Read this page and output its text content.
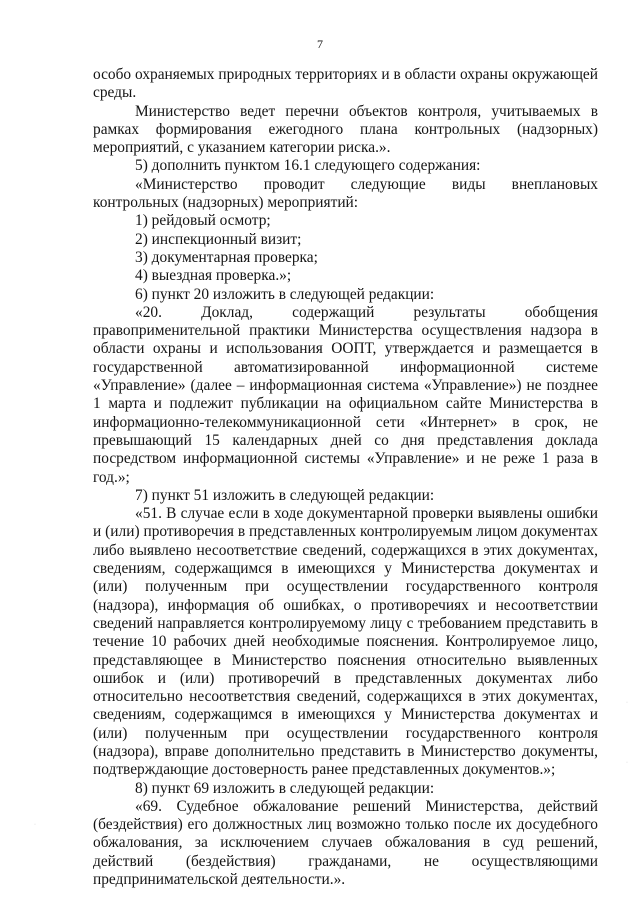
7

особо охраняемых природных территориях и в области охраны окружающей среды.

Министерство ведет перечни объектов контроля, учитываемых в рамках формирования ежегодного плана контрольных (надзорных) мероприятий, с указанием категории риска.».

5) дополнить пунктом 16.1 следующего содержания:

«Министерство проводит следующие виды внеплановых контрольных (надзорных) мероприятий:

1) рейдовый осмотр;

2) инспекционный визит;

3) документарная проверка;

4) выездная проверка.»;

6) пункт 20 изложить в следующей редакции:

«20. Доклад, содержащий результаты обобщения правоприменительной практики Министерства осуществления надзора в области охраны и использования ООПТ, утверждается и размещается в государственной автоматизированной информационной системе «Управление» (далее – информационная система «Управление») не позднее 1 марта и подлежит публикации на официальном сайте Министерства в информационно-телекоммуникационной сети «Интернет» в срок, не превышающий 15 календарных дней со дня представления доклада посредством информационной системы «Управление» и не реже 1 раза в год.»;

7) пункт 51 изложить в следующей редакции:

«51. В случае если в ходе документарной проверки выявлены ошибки и (или) противоречия в представленных контролируемым лицом документах либо выявлено несоответствие сведений, содержащихся в этих документах, сведениям, содержащимся в имеющихся у Министерства документах и (или) полученным при осуществлении государственного контроля (надзора), информация об ошибках, о противоречиях и несоответствии сведений направляется контролируемому лицу с требованием представить в течение 10 рабочих дней необходимые пояснения. Контролируемое лицо, представляющее в Министерство пояснения относительно выявленных ошибок и (или) противоречий в представленных документах либо относительно несоответствия сведений, содержащихся в этих документах, сведениям, содержащимся в имеющихся у Министерства документах и (или) полученным при осуществлении государственного контроля (надзора), вправе дополнительно представить в Министерство документы, подтверждающие достоверность ранее представленных документов.»;

8) пункт 69 изложить в следующей редакции:

«69. Судебное обжалование решений Министерства, действий (бездействия) его должностных лиц возможно только после их досудебного обжалования, за исключением случаев обжалования в суд решений, действий (бездействия) гражданами, не осуществляющими предпринимательской деятельности.».

·
·
·
